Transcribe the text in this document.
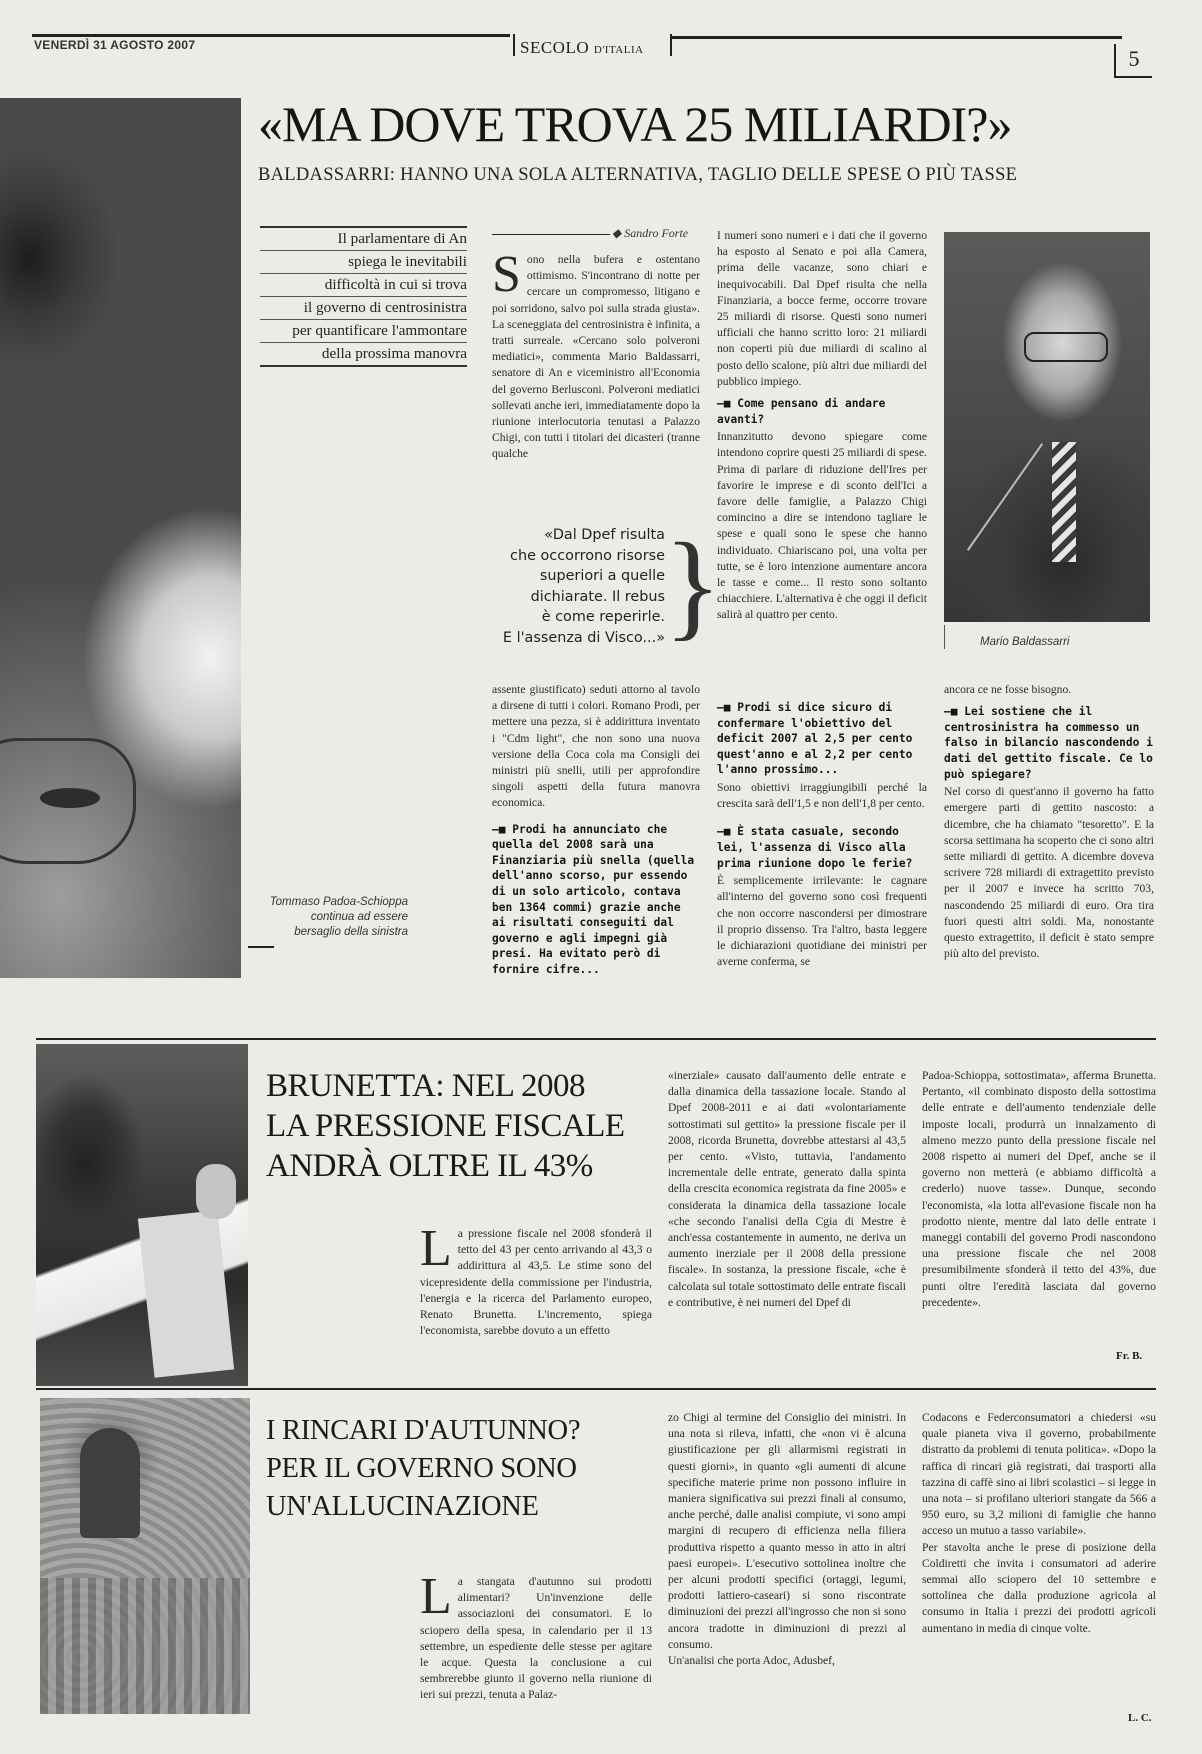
VENERDÌ 31 AGOSTO 2007	SECOLO D'ITALIA	5
Tommaso Padoa-Schioppa
continua ad essere
bersaglio della sinistra
«MA DOVE TROVA 25 MILIARDI?»
BALDASSARRI: HANNO UNA SOLA ALTERNATIVA, TAGLIO DELLE SPESE O PIÙ TASSE
Il parlamentare di An
spiega le inevitabili
difficoltà in cui si trova
il governo di centrosinistra
per quantificare l'ammontare
della prossima manovra
◆ Sandro Forte
S ono nella bufera e ostentano ottimismo. S'incontrano di notte per cercare un compromesso, litigano e poi sorridono, salvo poi sulla strada giusta». La sceneggiata del centrosinistra è infinita, a tratti surreale. «Cercano solo polveroni mediatici», commenta Mario Baldassarri, senatore di An e viceministro all'Economia del governo Berlusconi. Polveroni mediatici sollevati anche ieri, immediatamente dopo la riunione interlocutoria tenutasi a Palazzo Chigi, con tutti i titolari dei dicasteri (tranne qualche
«Dal Dpef risulta
che occorrono risorse
superiori a quelle
dichiarate. Il rebus
è come reperirle.
E l'assenza di Visco...» }

assente giustificato) seduti attorno al tavolo a dirsene di tutti i colori. Romano Prodi, per mettere una pezza, si è addirittura inventato i "Cdm light", che non sono una nuova versione della Coca cola ma Consigli dei ministri più snelli, utili per approfondire singoli aspetti della futura manovra economica.

—■ Prodi ha annunciato che quella del 2008 sarà una Finanziaria più snella (quella dell'anno scorso, pur essendo di un solo articolo, contava ben 1364 commi) grazie anche ai risultati conseguiti dal governo e agli impegni già presi. Ha evitato però di fornire cifre...

I numeri sono numeri e i dati che il governo ha esposto al Senato e poi alla Camera, prima delle vacanze, sono chiari e inequivocabili. Dal Dpef risulta che nella Finanziaria, a bocce ferme, occorre trovare 25 miliardi di risorse. Questi sono numeri ufficiali che hanno scritto loro: 21 miliardi non coperti più due miliardi di scalino al posto dello scalone, più altri due miliardi del pubblico impiego.

—■ Come pensano di andare avanti?

Innanzitutto devono spiegare come intendono coprire questi 25 miliardi di spese. Prima di parlare di riduzione dell'Ires per favorire le imprese e di sconto dell'Ici a favore delle famiglie, a Palazzo Chigi comincino a dire se intendono tagliare le spese e quali sono le spese che hanno individuato. Chiariscano poi, una volta per tutte, se è loro intenzione aumentare ancora le tasse e come... Il resto sono soltanto chiacchiere. L'alternativa è che oggi il deficit salirà al quattro per cento.

—■ Prodi si dice sicuro di confermare l'obiettivo del deficit 2007 al 2,5 per cento quest'anno e al 2,2 per cento l'anno prossimo...

Sono obiettivi irraggiungibili perché la crescita sarà dell'1,5 e non dell'1,8 per cento.

—■ È stata casuale, secondo lei, l'assenza di Visco alla prima riunione dopo le ferie?

È semplicemente irrilevante: le cagnare all'interno del governo sono così frequenti che non occorre nascondersi per dimostrare il proprio dissenso. Tra l'altro, basta leggere le dichiarazioni quotidiane dei ministri per averne conferma, se

Mario Baldassarri

ancora ce ne fosse bisogno.

—■ Lei sostiene che il centrosinistra ha commesso un falso in bilancio nascondendo i dati del gettito fiscale. Ce lo può spiegare?

Nel corso di quest'anno il governo ha fatto emergere parti di gettito nascosto: a dicembre, che ha chiamato "tesoretto". E la scorsa settimana ha scoperto che ci sono altri sette miliardi di gettito. A dicembre doveva scrivere 728 miliardi di extragettito previsto per il 2007 e invece ha scritto 703, nascondendo 25 miliardi di euro. Ora tira fuori questi altri soldi. Ma, nonostante questo extragettito, il deficit è stato sempre più alto del previsto.

BRUNETTA: NEL 2008
LA PRESSIONE FISCALE
ANDRÀ OLTRE IL 43%
L a pressione fiscale nel 2008 sfonderà il tetto del 43 per cento arrivando al 43,3 o addirittura al 43,5. Le stime sono del vicepresidente della commissione per l'industria, l'energia e la ricerca del Parlamento europeo, Renato Brunetta. L'incremento, spiega l'economista, sarebbe dovuto a un effetto

«inerziale» causato dall'aumento delle entrate e dalla dinamica della tassazione locale. Stando al Dpef 2008-2011 e ai dati «volontariamente sottostimati sul gettito» la pressione fiscale per il 2008, ricorda Brunetta, dovrebbe attestarsi al 43,5 per cento. «Visto, tuttavia, l'andamento incrementale delle entrate, generato dalla spinta della crescita economica registrata da fine 2005» e considerata la dinamica della tassazione locale «che secondo l'analisi della Cgia di Mestre è anch'essa costantemente in aumento, ne deriva un aumento inerziale per il 2008 della pressione fiscale». In sostanza, la pressione fiscale, «che è calcolata sul totale sottostimato delle entrate fiscali e contributive, è nei numeri del Dpef di

Padoa-Schioppa, sottostimata», afferma Brunetta. Pertanto, «il combinato disposto della sottostima delle entrate e dell'aumento tendenziale delle imposte locali, produrrà un innalzamento di almeno mezzo punto della pressione fiscale nel 2008 rispetto ai numeri del Dpef, anche se il governo non metterà (e abbiamo difficoltà a crederlo) nuove tasse». Dunque, secondo l'economista, «la lotta all'evasione fiscale non ha prodotto niente, mentre dal lato delle entrate i maneggi contabili del governo Prodi nascondono una pressione fiscale che nel 2008 presumibilmente sfonderà il tetto del 43%, due punti oltre l'eredità lasciata dal governo precedente».

Fr. B.
I RINCARI D'AUTUNNO?
PER IL GOVERNO SONO
UN'ALLUCINAZIONE
L a stangata d'autunno sui prodotti alimentari? Un'invenzione delle associazioni dei consumatori. E lo sciopero della spesa, in calendario per il 13 settembre, un espediente delle stesse per agitare le acque. Questa la conclusione a cui sembrerebbe giunto il governo nella riunione di ieri sui prezzi, tenuta a Palaz-

zo Chigi al termine del Consiglio dei ministri. In una nota si rileva, infatti, che «non vi è alcuna giustificazione per gli allarmismi registrati in questi giorni», in quanto «gli aumenti di alcune specifiche materie prime non possono influire in maniera significativa sui prezzi finali al consumo, anche perché, dalle analisi compiute, vi sono ampi margini di recupero di efficienza nella filiera produttiva rispetto a quanto messo in atto in altri paesi europei». L'esecutivo sottolinea inoltre che per alcuni prodotti specifici (ortaggi, legumi, prodotti lattiero-caseari) si sono riscontrate diminuzioni dei prezzi all'ingrosso che non si sono ancora tradotte in diminuzioni di prezzi al consumo.

Un'analisi che porta Adoc, Adusbef,

Codacons e Federconsumatori a chiedersi «su quale pianeta viva il governo, probabilmente distratto da problemi di tenuta politica». «Dopo la raffica di rincari già registrati, dai trasporti alla tazzina di caffè sino ai libri scolastici – si legge in una nota – si profilano ulteriori stangate da 566 a 950 euro, su 3,2 milioni di famiglie che hanno acceso un mutuo a tasso variabile».

Per stavolta anche le prese di posizione della Coldiretti che invita i consumatori ad aderire semmai allo sciopero del 10 settembre e sottolinea che dalla produzione agricola al consumo in Italia i prezzi dei prodotti agricoli aumentano in media di cinque volte.

L. C.
